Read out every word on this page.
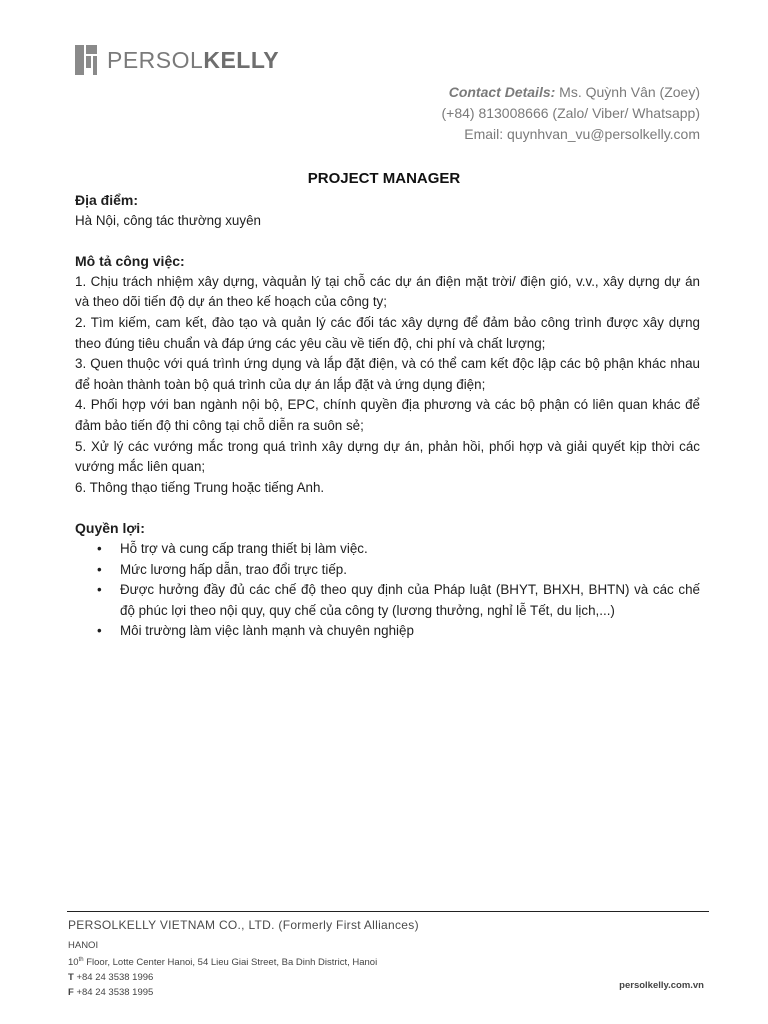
PERSOLKELLY
Contact Details: Ms. Quỳnh Vân (Zoey)
(+84) 813008666 (Zalo/ Viber/ Whatsapp)
Email: quynhvan_vu@persolkelly.com
PROJECT MANAGER

Địa điểm:

Hà Nội, công tác thường xuyên

Mô tả công việc:

1. Chịu trách nhiệm xây dựng, vàquản lý tại chỗ các dự án điện mặt trời/ điện gió, v.v., xây dựng dự án và theo dõi tiến độ dự án theo kế hoạch của công ty;

2. Tìm kiếm, cam kết, đào tạo và quản lý các đối tác xây dựng để đảm bảo công trình được xây dựng theo đúng tiêu chuẩn và đáp ứng các yêu cầu về tiến độ, chi phí và chất lượng;

3. Quen thuộc với quá trình ứng dụng và lắp đặt điện, và có thể cam kết độc lập các bộ phận khác nhau để hoàn thành toàn bộ quá trình của dự án lắp đặt và ứng dụng điện;

4. Phối hợp với ban ngành nội bộ, EPC, chính quyền địa phương và các bộ phận có liên quan khác để đảm bảo tiến độ thi công tại chỗ diễn ra suôn sẻ;

5. Xử lý các vướng mắc trong quá trình xây dựng dự án, phản hồi, phối hợp và giải quyết kịp thời các vướng mắc liên quan;

6. Thông thạo tiếng Trung hoặc tiếng Anh.

Quyền lợi:

• Hỗ trợ và cung cấp trang thiết bị làm việc.
• Mức lương hấp dẫn, trao đổi trực tiếp.
• Được hưởng đầy đủ các chế độ theo quy định của Pháp luật (BHYT, BHXH, BHTN) và các chế độ phúc lợi theo nội quy, quy chế của công ty (lương thưởng, nghỉ lễ Tết, du lịch,...)
• Môi trường làm việc lành mạnh và chuyên nghiệp
PERSOLKELLY VIETNAM CO., LTD. (Formerly First Alliances)
HANOI
10th Floor, Lotte Center Hanoi, 54 Lieu Giai Street, Ba Dinh District, Hanoi
T +84 24 3538 1996
F +84 24 3538 1995
persolkelly.com.vn
